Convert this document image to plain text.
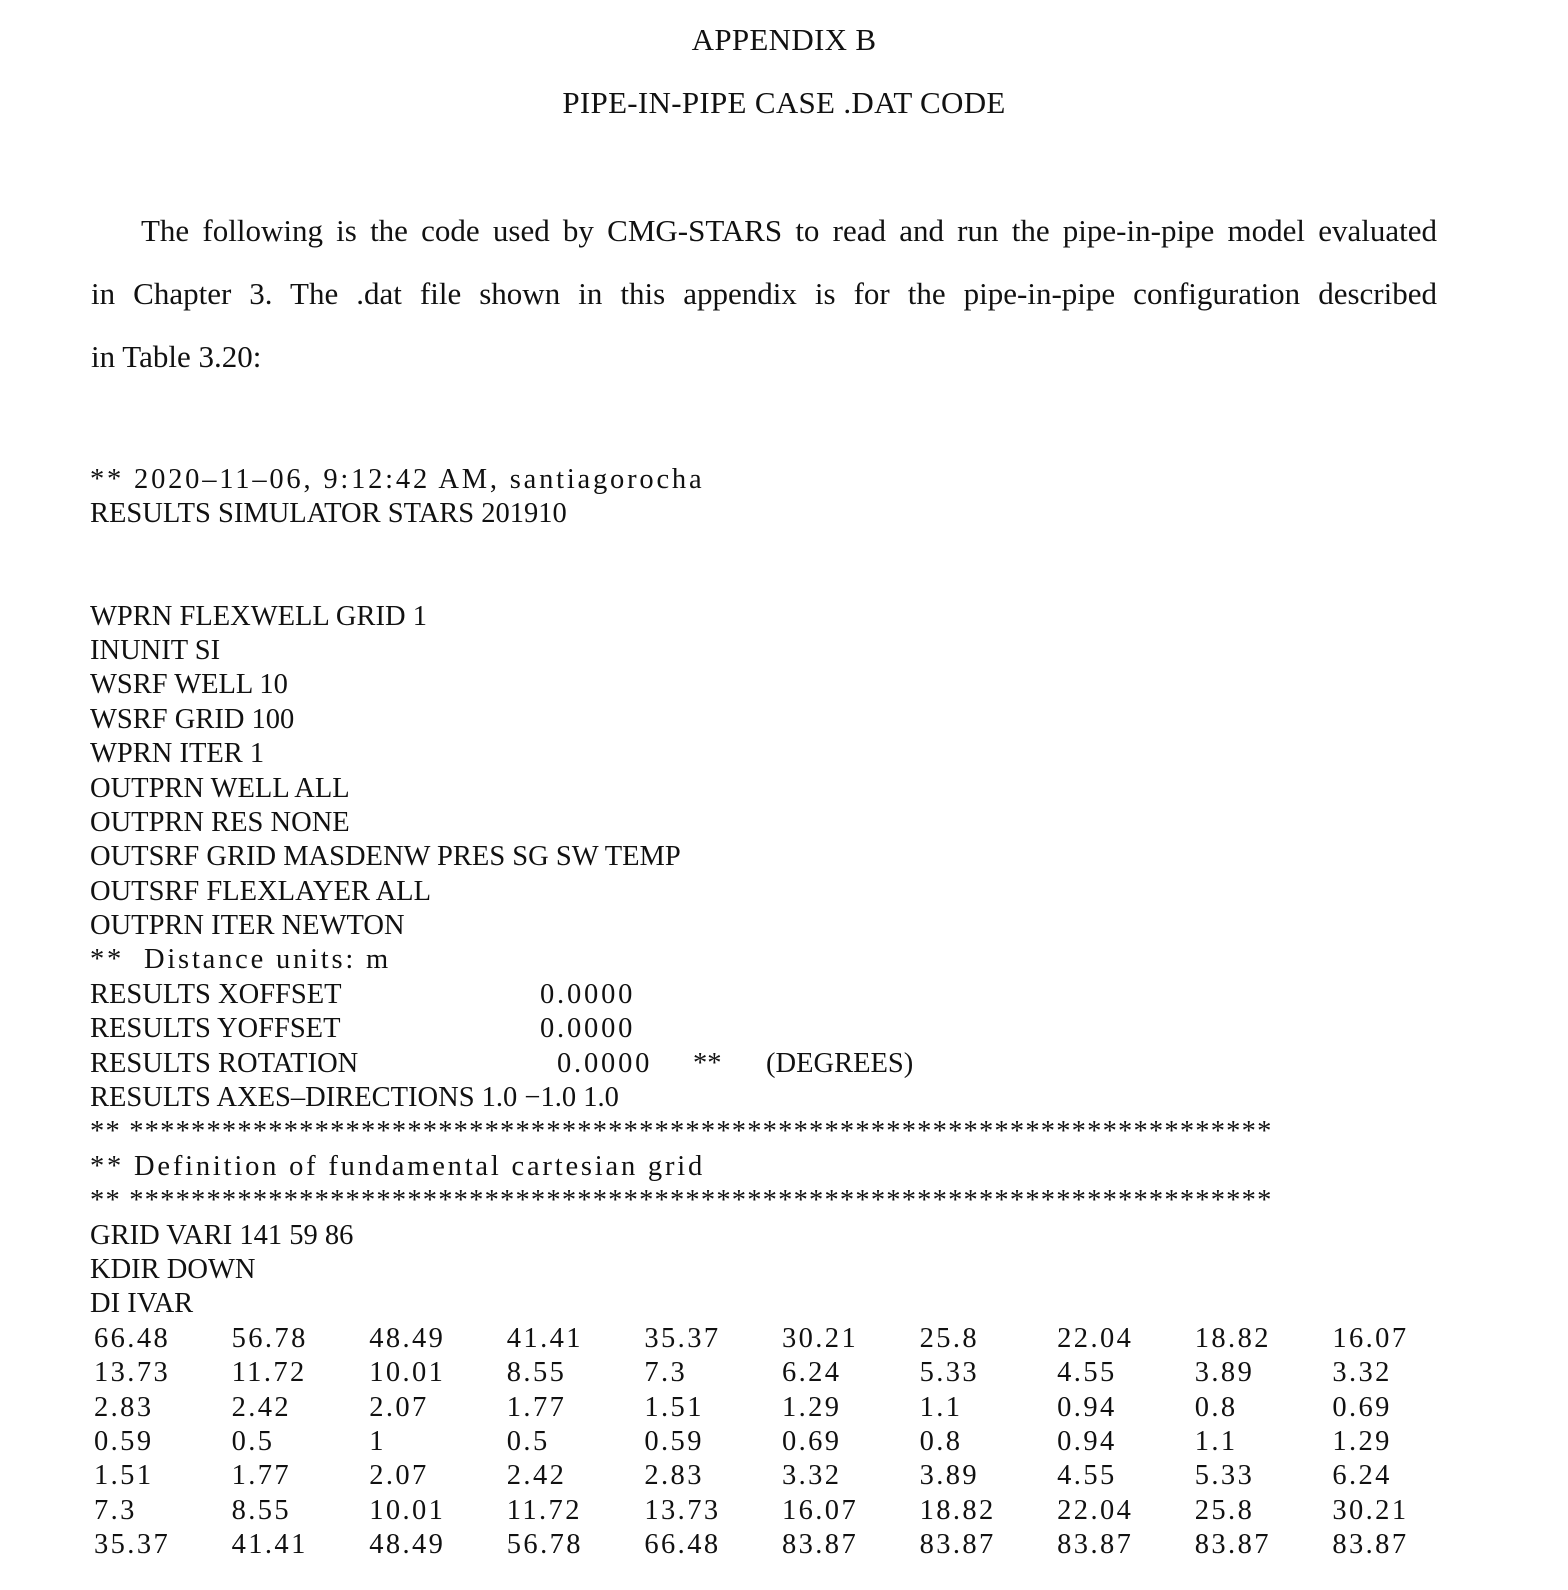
APPENDIX B
PIPE-IN-PIPE CASE .DAT CODE
The following is the code used by CMG-STARS to read and run the pipe-in-pipe model evaluated
in Chapter 3. The .dat file shown in this appendix is for the pipe-in-pipe configuration described
in Table 3.20:
** 2020–11–06, 9:12:42 AM, santiagorocha
RESULTS SIMULATOR STARS 201910
WPRN FLEXWELL GRID 1
INUNIT SI
WSRF WELL 10
WSRF GRID 100
WPRN ITER 1
OUTPRN WELL ALL
OUTPRN RES NONE
OUTSRF GRID MASDENW PRES SG SW TEMP
OUTSRF FLEXLAYER ALL
OUTPRN ITER NEWTON
**  Distance units: m
RESULTS XOFFSET	0.0000
RESULTS YOFFSET	0.0000
RESULTS ROTATION	0.0000 ** (DEGREES)
RESULTS AXES–DIRECTIONS 1.0 −1.0 1.0
** **************************************************************************
** Definition of fundamental cartesian grid
** **************************************************************************
GRID VARI 141 59 86
KDIR DOWN
DI IVAR
66.48	56.78	48.49	41.41	35.37	30.21	25.8	22.04	18.82	16.07
13.73	11.72	10.01	8.55	7.3	6.24	5.33	4.55	3.89	3.32
2.83	2.42	2.07	1.77	1.51	1.29	1.1	0.94	0.8	0.69
0.59	0.5	1	0.5	0.59	0.69	0.8	0.94	1.1	1.29
1.51	1.77	2.07	2.42	2.83	3.32	3.89	4.55	5.33	6.24
7.3	8.55	10.01	11.72	13.73	16.07	18.82	22.04	25.8	30.21
35.37	41.41	48.49	56.78	66.48	83.87	83.87	83.87	83.87	83.87
